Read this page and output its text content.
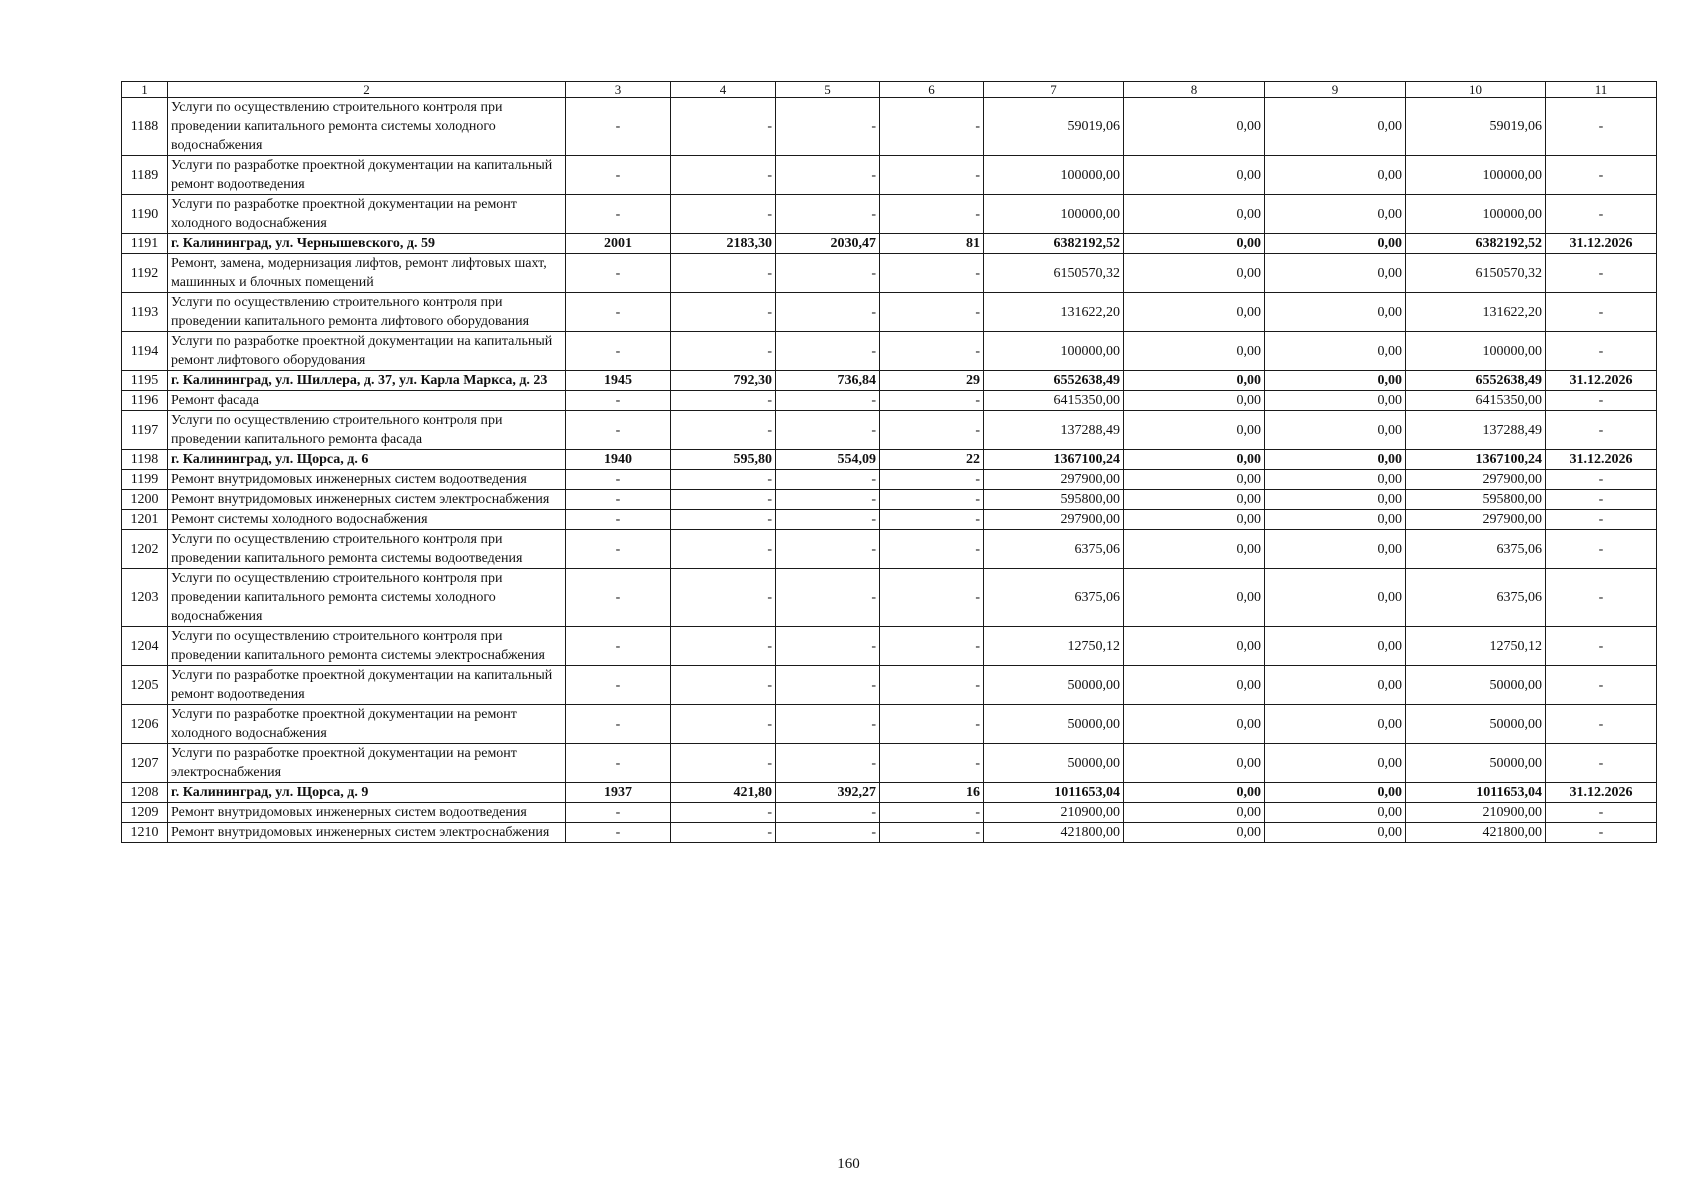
1	2	3	4	5	6	7	8	9	10	11
1188	Услуги по осуществлению строительного контроля при проведении капитального ремонта системы холодного водоснабжения	-	-	-	-	59019,06	0,00	0,00	59019,06	-
1189	Услуги по разработке проектной документации на капитальный ремонт водоотведения	-	-	-	-	100000,00	0,00	0,00	100000,00	-
1190	Услуги по разработке проектной документации на ремонт холодного водоснабжения	-	-	-	-	100000,00	0,00	0,00	100000,00	-
1191	г. Калининград, ул. Чернышевского, д. 59	2001	2183,30	2030,47	81	6382192,52	0,00	0,00	6382192,52	31.12.2026
1192	Ремонт, замена, модернизация лифтов, ремонт лифтовых шахт, машинных и блочных помещений	-	-	-	-	6150570,32	0,00	0,00	6150570,32	-
1193	Услуги по осуществлению строительного контроля при проведении капитального ремонта лифтового оборудования	-	-	-	-	131622,20	0,00	0,00	131622,20	-
1194	Услуги по разработке проектной документации на капитальный ремонт лифтового оборудования	-	-	-	-	100000,00	0,00	0,00	100000,00	-
1195	г. Калининград, ул. Шиллера, д. 37, ул. Карла Маркса, д. 23	1945	792,30	736,84	29	6552638,49	0,00	0,00	6552638,49	31.12.2026
1196	Ремонт фасада	-	-	-	-	6415350,00	0,00	0,00	6415350,00	-
1197	Услуги по осуществлению строительного контроля при проведении капитального ремонта фасада	-	-	-	-	137288,49	0,00	0,00	137288,49	-
1198	г. Калининград, ул. Щорса, д. 6	1940	595,80	554,09	22	1367100,24	0,00	0,00	1367100,24	31.12.2026
1199	Ремонт внутридомовых инженерных систем водоотведения	-	-	-	-	297900,00	0,00	0,00	297900,00	-
1200	Ремонт внутридомовых инженерных систем электроснабжения	-	-	-	-	595800,00	0,00	0,00	595800,00	-
1201	Ремонт системы холодного водоснабжения	-	-	-	-	297900,00	0,00	0,00	297900,00	-
1202	Услуги по осуществлению строительного контроля при проведении капитального ремонта системы водоотведения	-	-	-	-	6375,06	0,00	0,00	6375,06	-
1203	Услуги по осуществлению строительного контроля при проведении капитального ремонта системы холодного водоснабжения	-	-	-	-	6375,06	0,00	0,00	6375,06	-
1204	Услуги по осуществлению строительного контроля при проведении капитального ремонта системы электроснабжения	-	-	-	-	12750,12	0,00	0,00	12750,12	-
1205	Услуги по разработке проектной документации на капитальный ремонт водоотведения	-	-	-	-	50000,00	0,00	0,00	50000,00	-
1206	Услуги по разработке проектной документации на ремонт холодного водоснабжения	-	-	-	-	50000,00	0,00	0,00	50000,00	-
1207	Услуги по разработке проектной документации на ремонт электроснабжения	-	-	-	-	50000,00	0,00	0,00	50000,00	-
1208	г. Калининград, ул. Щорса, д. 9	1937	421,80	392,27	16	1011653,04	0,00	0,00	1011653,04	31.12.2026
1209	Ремонт внутридомовых инженерных систем водоотведения	-	-	-	-	210900,00	0,00	0,00	210900,00	-
1210	Ремонт внутридомовых инженерных систем электроснабжения	-	-	-	-	421800,00	0,00	0,00	421800,00	-
160
